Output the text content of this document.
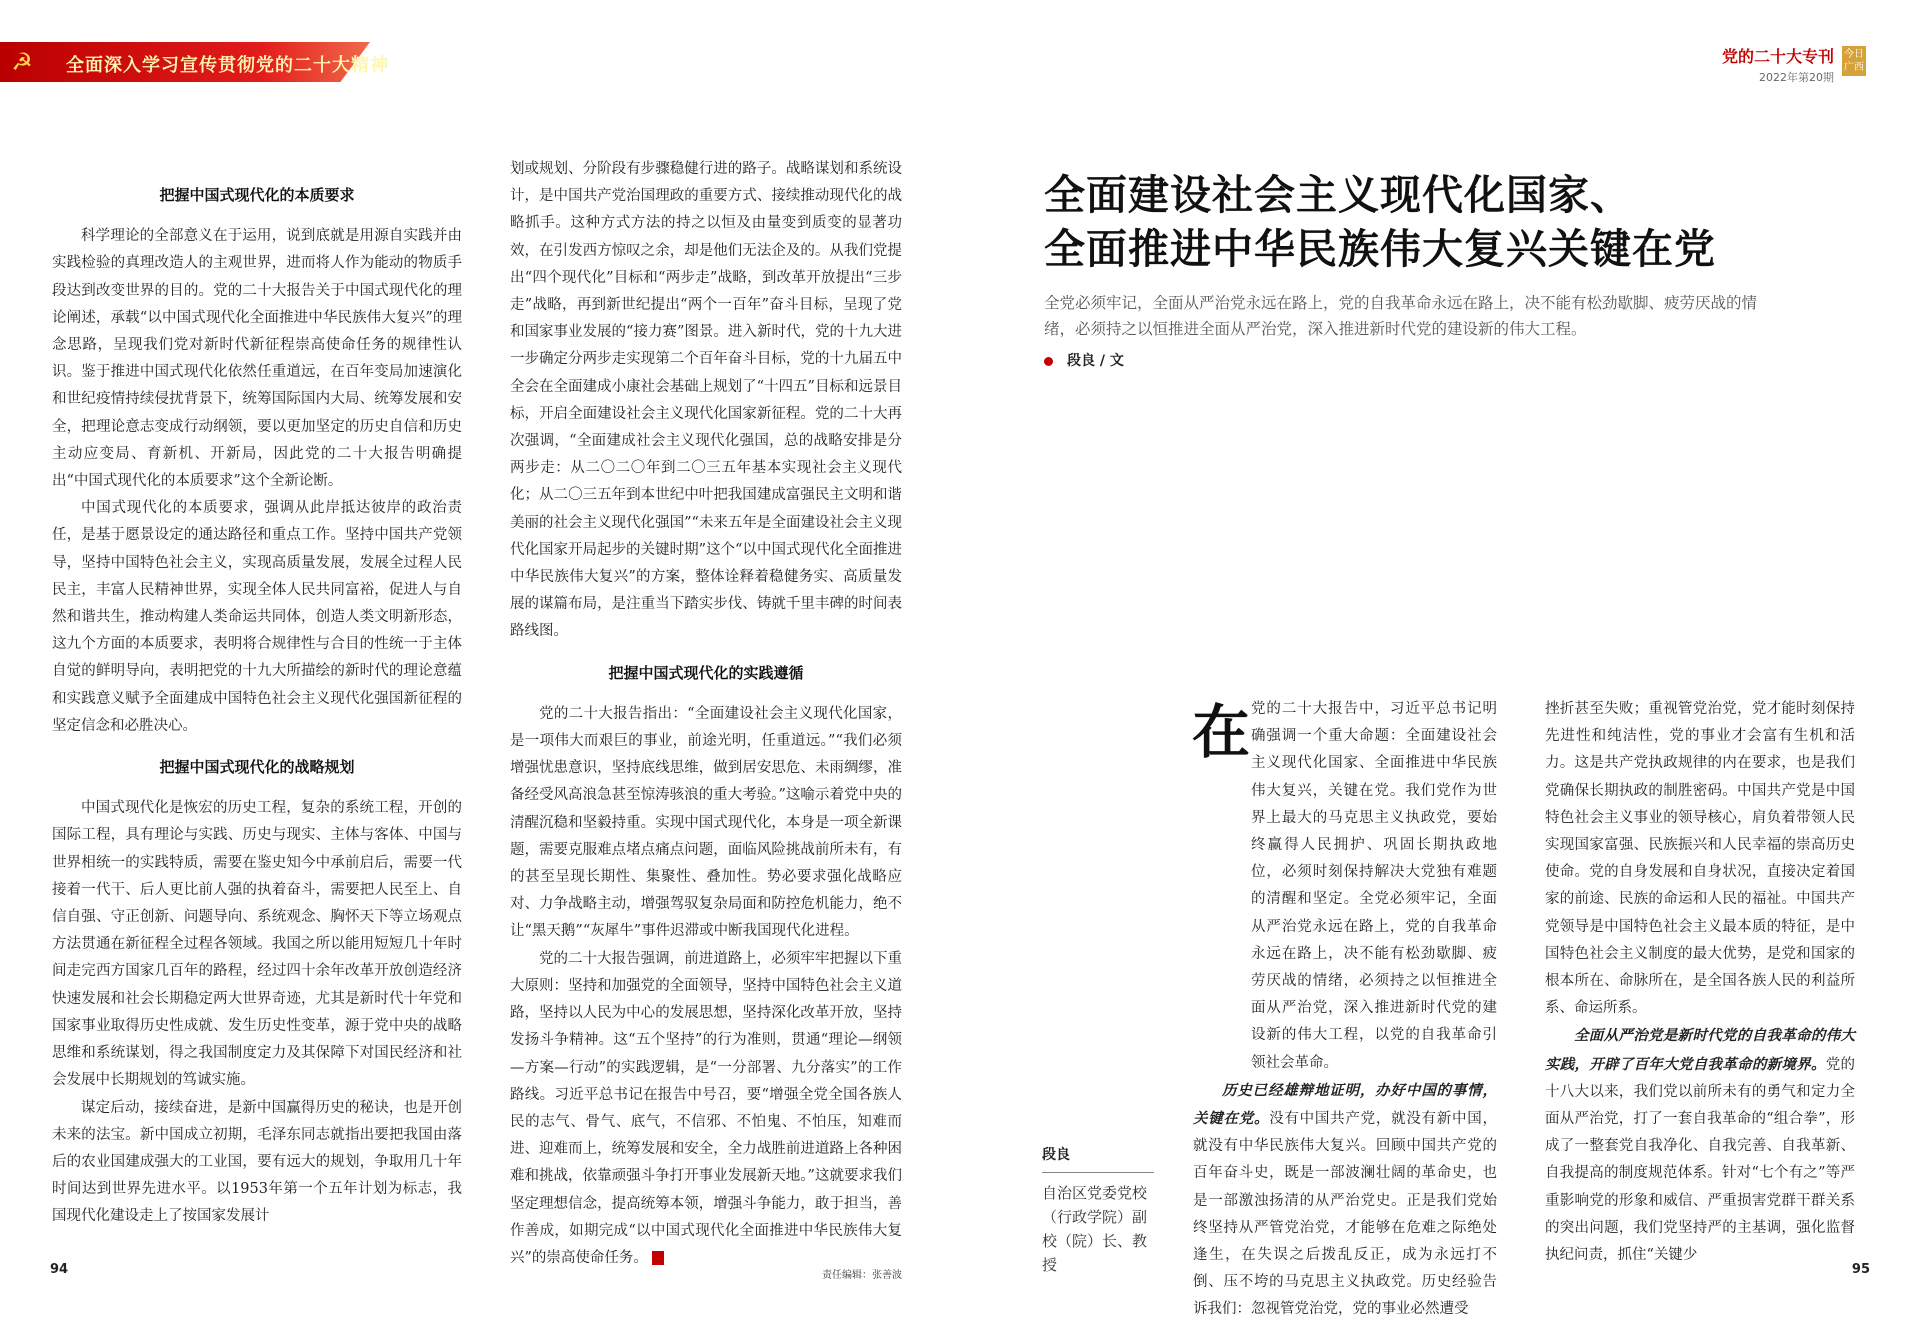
☭ 全面深入学习宣传贯彻党的二十大精神	党的二十大专刊
2022年第20期
今日广西
把握中国式现代化的本质要求

科学理论的全部意义在于运用，说到底就是用源自实践并由实践检验的真理改造人的主观世界，进而将人作为能动的物质手段达到改变世界的目的。党的二十大报告关于中国式现代化的理论阐述，承载“以中国式现代化全面推进中华民族伟大复兴”的理念思路，呈现我们党对新时代新征程崇高使命任务的规律性认识。鉴于推进中国式现代化依然任重道远，在百年变局加速演化和世纪疫情持续侵扰背景下，统筹国际国内大局、统筹发展和安全，把理论意志变成行动纲领，要以更加坚定的历史自信和历史主动应变局、育新机、开新局，因此党的二十大报告明确提出“中国式现代化的本质要求”这个全新论断。

中国式现代化的本质要求，强调从此岸抵达彼岸的政治责任，是基于愿景设定的通达路径和重点工作。坚持中国共产党领导，坚持中国特色社会主义，实现高质量发展，发展全过程人民民主，丰富人民精神世界，实现全体人民共同富裕，促进人与自然和谐共生，推动构建人类命运共同体，创造人类文明新形态，这九个方面的本质要求，表明将合规律性与合目的性统一于主体自觉的鲜明导向，表明把党的十九大所描绘的新时代的理论意蕴和实践意义赋予全面建成中国特色社会主义现代化强国新征程的坚定信念和必胜决心。

把握中国式现代化的战略规划

中国式现代化是恢宏的历史工程，复杂的系统工程，开创的国际工程，具有理论与实践、历史与现实、主体与客体、中国与世界相统一的实践特质，需要在鉴史知今中承前启后，需要一代接着一代干、后人更比前人强的执着奋斗，需要把人民至上、自信自强、守正创新、问题导向、系统观念、胸怀天下等立场观点方法贯通在新征程全过程各领域。我国之所以能用短短几十年时间走完西方国家几百年的路程，经过四十余年改革开放创造经济快速发展和社会长期稳定两大世界奇迹，尤其是新时代十年党和国家事业取得历史性成就、发生历史性变革，源于党中央的战略思维和系统谋划，得之我国制度定力及其保障下对国民经济和社会发展中长期规划的笃诚实施。

谋定后动，接续奋进，是新中国赢得历史的秘诀，也是开创未来的法宝。新中国成立初期，毛泽东同志就指出要把我国由落后的农业国建成强大的工业国，要有远大的规划，争取用几十年时间达到世界先进水平。以1953年第一个五年计划为标志，我国现代化建设走上了按国家发展计

划或规划、分阶段有步骤稳健行进的路子。战略谋划和系统设计，是中国共产党治国理政的重要方式、接续推动现代化的战略抓手。这种方式方法的持之以恒及由量变到质变的显著功效，在引发西方惊叹之余，却是他们无法企及的。从我们党提出“四个现代化”目标和“两步走”战略，到改革开放提出“三步走”战略，再到新世纪提出“两个一百年”奋斗目标，呈现了党和国家事业发展的“接力赛”图景。进入新时代，党的十九大进一步确定分两步走实现第二个百年奋斗目标，党的十九届五中全会在全面建成小康社会基础上规划了“十四五”目标和远景目标，开启全面建设社会主义现代化国家新征程。党的二十大再次强调，“全面建成社会主义现代化强国，总的战略安排是分两步走：从二〇二〇年到二〇三五年基本实现社会主义现代化；从二〇三五年到本世纪中叶把我国建成富强民主文明和谐美丽的社会主义现代化强国”“未来五年是全面建设社会主义现代化国家开局起步的关键时期”这个“以中国式现代化全面推进中华民族伟大复兴”的方案，整体诠释着稳健务实、高质量发展的谋篇布局，是注重当下踏实步伐、铸就千里丰碑的时间表路线图。

把握中国式现代化的实践遵循

党的二十大报告指出：“全面建设社会主义现代化国家，是一项伟大而艰巨的事业，前途光明，任重道远。”“我们必须增强忧患意识，坚持底线思维，做到居安思危、未雨绸缪，准备经受风高浪急甚至惊涛骇浪的重大考验。”这喻示着党中央的清醒沉稳和坚毅持重。实现中国式现代化，本身是一项全新课题，需要克服难点堵点痛点问题，面临风险挑战前所未有，有的甚至呈现长期性、集聚性、叠加性。势必要求强化战略应对、力争战略主动，增强驾驭复杂局面和防控危机能力，绝不让“黑天鹅”“灰犀牛”事件迟滞或中断我国现代化进程。

党的二十大报告强调，前进道路上，必须牢牢把握以下重大原则：坚持和加强党的全面领导，坚持中国特色社会主义道路，坚持以人民为中心的发展思想，坚持深化改革开放，坚持发扬斗争精神。这“五个坚持”的行为准则，贯通“理论—纲领—方案—行动”的实践逻辑，是“一分部署、九分落实”的工作路线。习近平总书记在报告中号召，要“增强全党全国各族人民的志气、骨气、底气，不信邪、不怕鬼、不怕压，知难而进、迎难而上，统筹发展和安全，全力战胜前进道路上各种困难和挑战，依靠顽强斗争打开事业发展新天地。”这就要求我们坚定理想信念，提高统筹本领，增强斗争能力，敢于担当，善作善成，如期完成“以中国式现代化全面推进中华民族伟大复兴”的崇高使命任务。	J

责任编辑：张善波
94
全面建设社会主义现代化国家、
全面推进中华民族伟大复兴关键在党
全党必须牢记，全面从严治党永远在路上，党的自我革命永远在路上，决不能有松劲歇脚、疲劳厌战的情绪，必须持之以恒推进全面从严治党，深入推进新时代党的建设新的伟大工程。
段良 / 文
在 党的二十大报告中，习近平总书记明确强调一个重大命题：全面建设社会主义现代化国家、全面推进中华民族伟大复兴，关键在党。我们党作为世界上最大的马克思主义执政党，要始终赢得人民拥护、巩固长期执政地位，必须时刻保持解决大党独有难题的清醒和坚定。全党必须牢记，全面从严治党永远在路上，党的自我革命永远在路上，决不能有松劲歇脚、疲劳厌战的情绪，必须持之以恒推进全面从严治党，深入推进新时代党的建设新的伟大工程，以党的自我革命引领社会革命。

历史已经雄辩地证明，办好中国的事情，关键在党。没有中国共产党，就没有新中国，就没有中华民族伟大复兴。回顾中国共产党的百年奋斗史，既是一部波澜壮阔的革命史，也是一部激浊扬清的从严治党史。正是我们党始终坚持从严管党治党，才能够在危难之际绝处逢生，在失误之后拨乱反正，成为永远打不倒、压不垮的马克思主义执政党。历史经验告诉我们：忽视管党治党，党的事业必然遭受

挫折甚至失败；重视管党治党，党才能时刻保持先进性和纯洁性，党的事业才会富有生机和活力。这是共产党执政规律的内在要求，也是我们党确保长期执政的制胜密码。中国共产党是中国特色社会主义事业的领导核心，肩负着带领人民实现国家富强、民族振兴和人民幸福的崇高历史使命。党的自身发展和自身状况，直接决定着国家的前途、民族的命运和人民的福祉。中国共产党领导是中国特色社会主义最本质的特征，是中国特色社会主义制度的最大优势，是党和国家的根本所在、命脉所在，是全国各族人民的利益所系、命运所系。

全面从严治党是新时代党的自我革命的伟大实践，开辟了百年大党自我革命的新境界。党的十八大以来，我们党以前所未有的勇气和定力全面从严治党，打了一套自我革命的“组合拳”，形成了一整套党自我净化、自我完善、自我革新、自我提高的制度规范体系。针对“七个有之”等严重影响党的形象和威信、严重损害党群干群关系的突出问题，我们党坚持严的主基调，强化监督执纪问责，抓住“关键少

段良
自治区党委党校（行政学院）副校（院）长、教授	95
